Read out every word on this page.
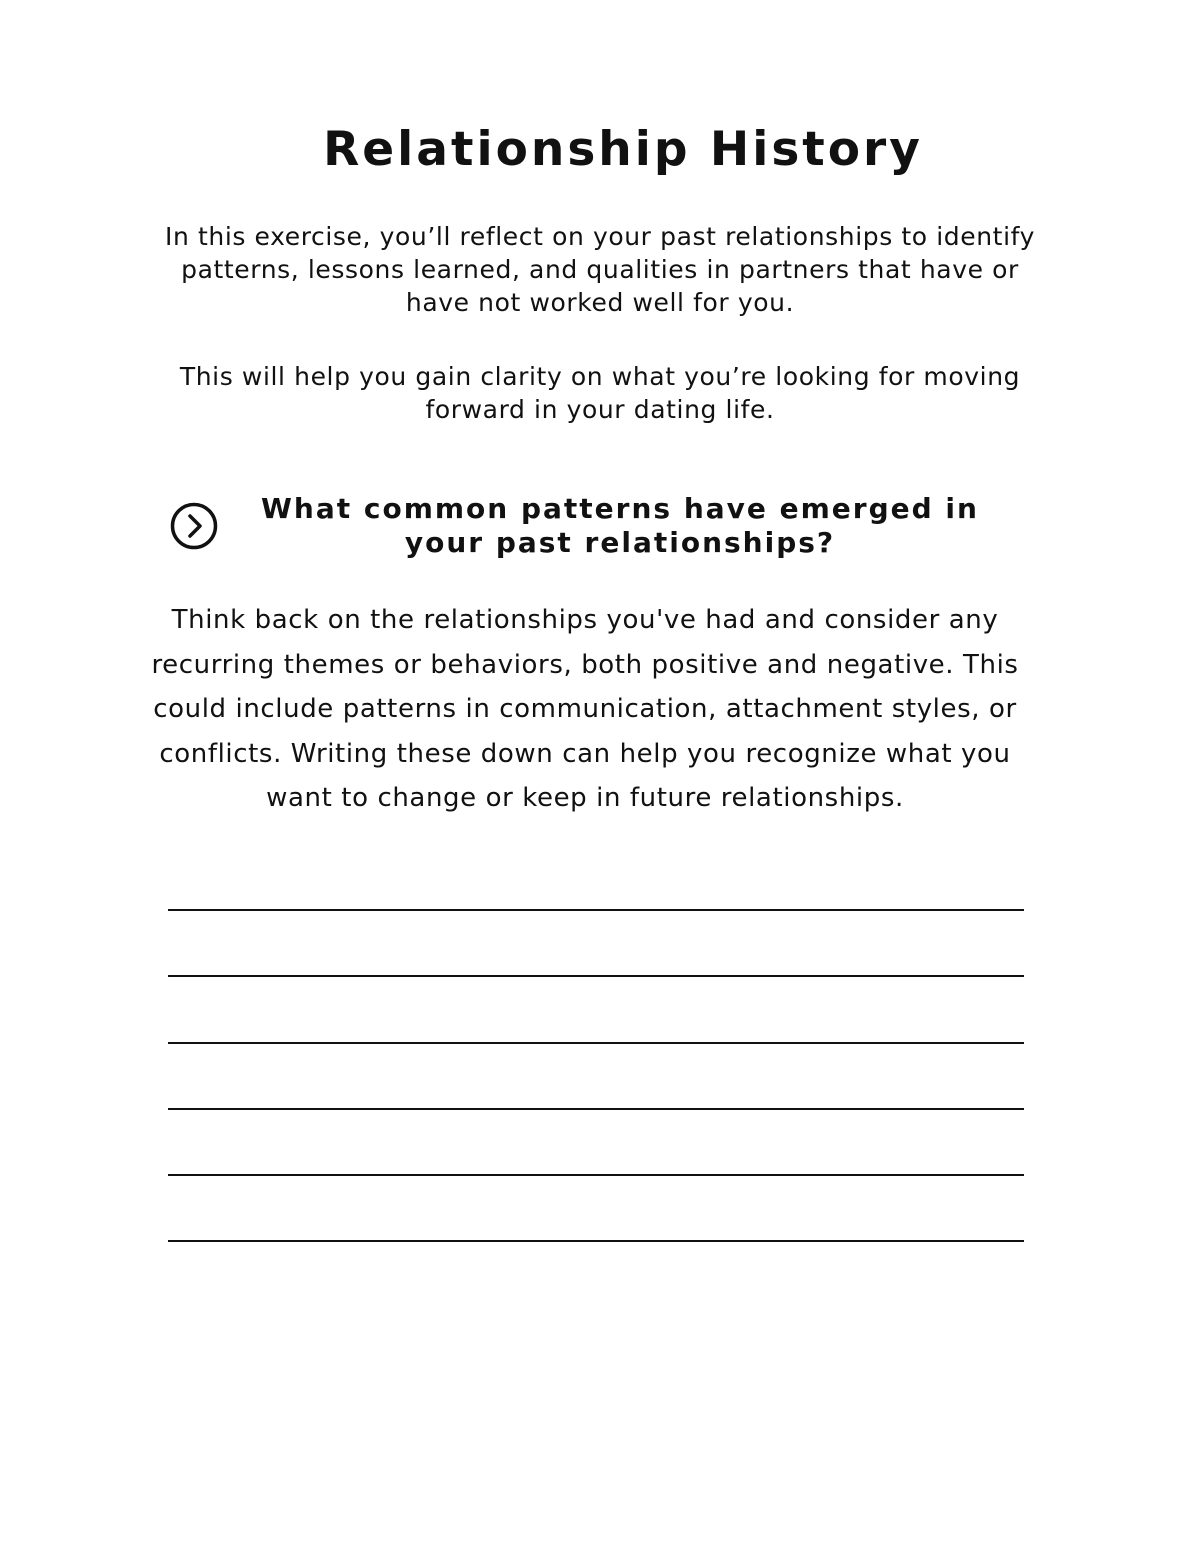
Relationship History

In this exercise, you’ll reflect on your past relationships to identify patterns, lessons learned, and qualities in partners that have or have not worked well for you.

This will help you gain clarity on what you’re looking for moving forward in your dating life.

What common patterns have emerged in your past relationships?

Think back on the relationships you've had and consider any recurring themes or behaviors, both positive and negative. This could include patterns in communication, attachment styles, or conflicts. Writing these down can help you recognize what you want to change or keep in future relationships.
